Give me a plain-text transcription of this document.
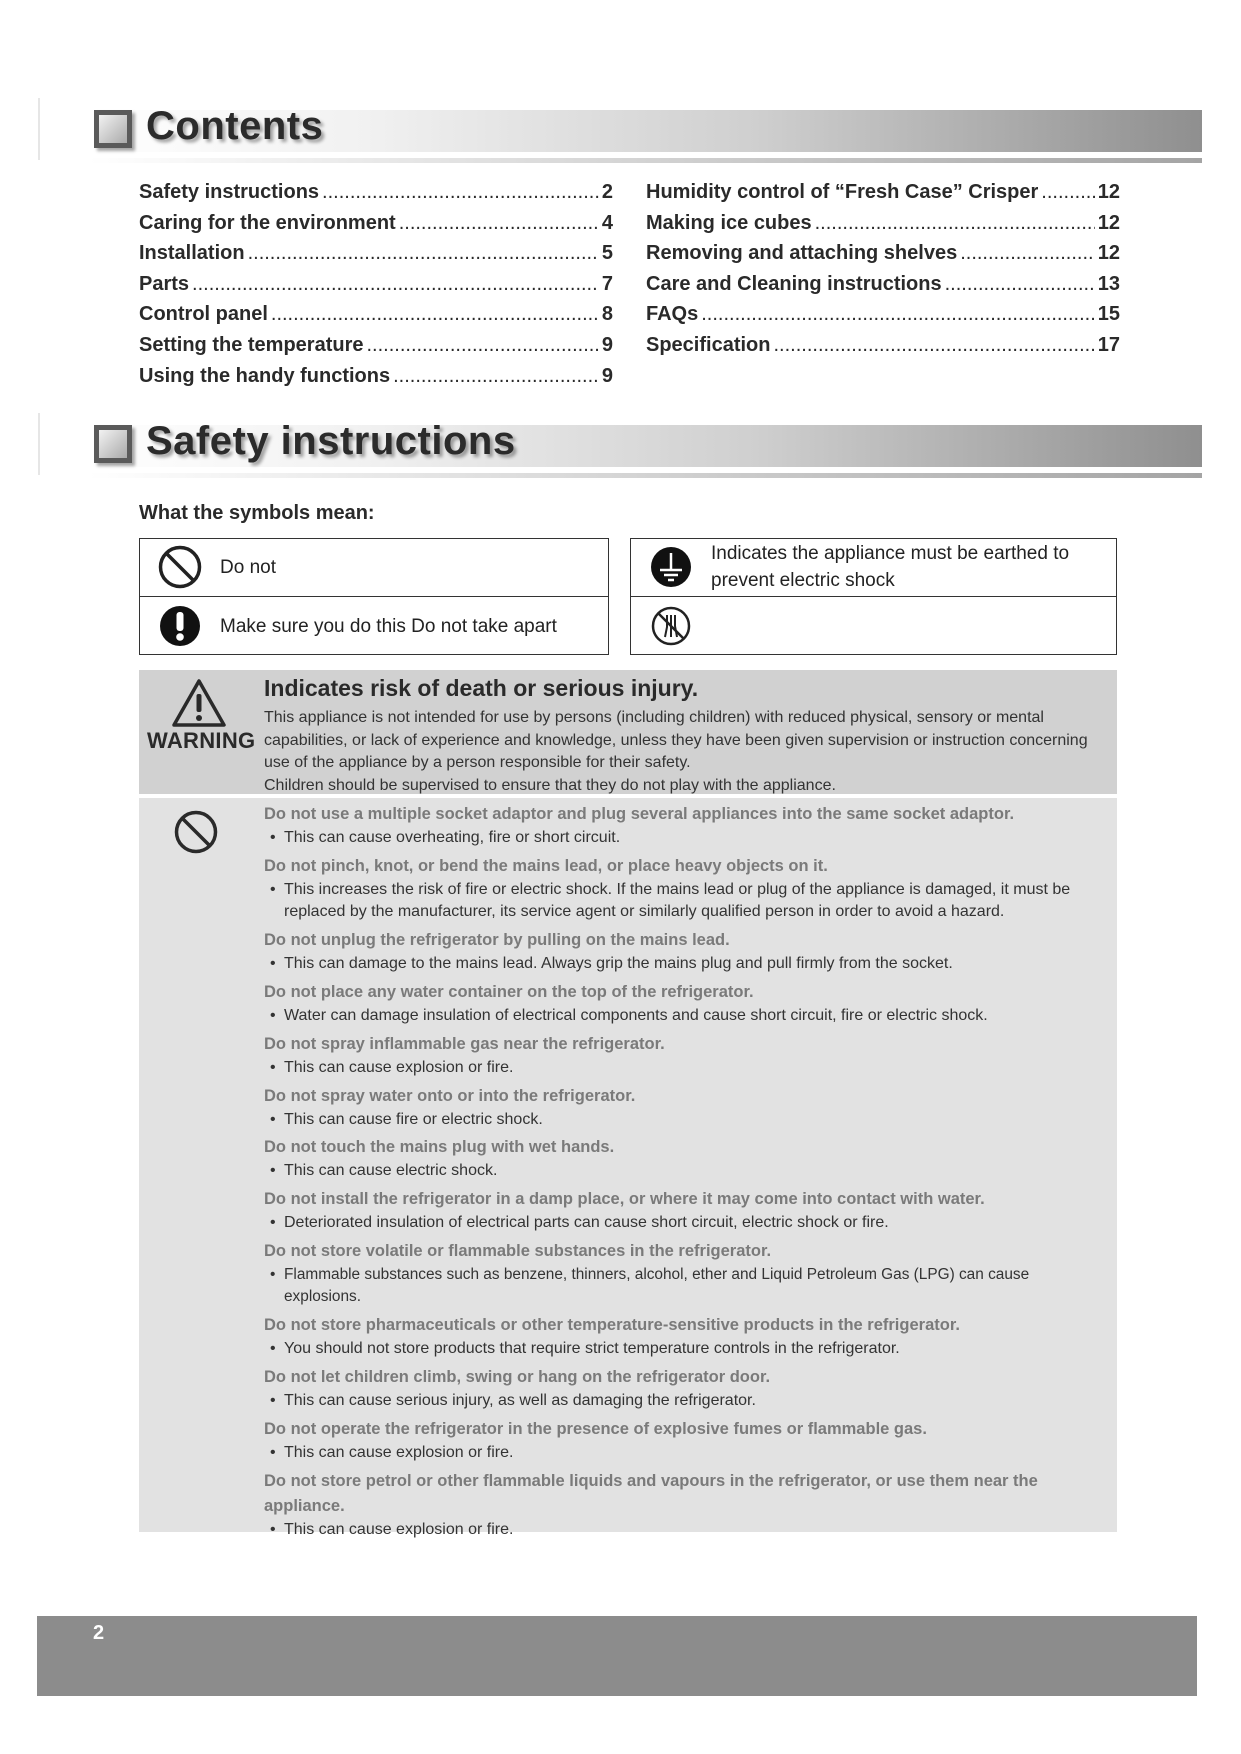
Contents
Safety instructions .....	2
Caring for the environment .....	4
Installation .....	5
Parts .....	7
Control panel .....	8
Setting the temperature .....	9
Using the handy functions .....	9
Humidity control of “Fresh Case” Crisper .....	12
Making ice cubes .....	12
Removing and attaching shelves .....	12
Care and Cleaning instructions .....	13
FAQs .....	15
Specification .....	17
Safety instructions
What the symbols mean:
Do not
Make sure you do this Do not take apart
Indicates the appliance must be earthed to
prevent electric shock
WARNING
Indicates risk of death or serious injury.

This appliance is not intended for use by persons (including children) with reduced physical, sensory or mental capabilities, or lack of experience and knowledge, unless they have been given supervision or instruction concerning use of the appliance by a person responsible for their safety.

Children should be supervised to ensure that they do not play with the appliance.

Do not use a multiple socket adaptor and plug several appliances into the same socket adaptor.
• This can cause overheating, fire or short circuit.
Do not pinch, knot, or bend the mains lead, or place heavy objects on it.
• This increases the risk of fire or electric shock. If the mains lead or plug of the appliance is damaged, it must be replaced by the manufacturer, its service agent or similarly qualified person in order to avoid a hazard.
Do not unplug the refrigerator by pulling on the mains lead.
• This can damage to the mains lead. Always grip the mains plug and pull firmly from the socket.
Do not place any water container on the top of the refrigerator.
• Water can damage insulation of electrical components and cause short circuit, fire or electric shock.
Do not spray inflammable gas near the refrigerator.
• This can cause explosion or fire.
Do not spray water onto or into the refrigerator.
• This can cause fire or electric shock.
Do not touch the mains plug with wet hands.
• This can cause electric shock.
Do not install the refrigerator in a damp place, or where it may come into contact with water.
• Deteriorated insulation of electrical parts can cause short circuit, electric shock or fire.
Do not store volatile or flammable substances in the refrigerator.
• Flammable substances such as benzene, thinners, alcohol, ether and Liquid Petroleum Gas (LPG) can cause explosions.
Do not store pharmaceuticals or other temperature-sensitive products in the refrigerator.
• You should not store products that require strict temperature controls in the refrigerator.
Do not let children climb, swing or hang on the refrigerator door.
• This can cause serious injury, as well as damaging the refrigerator.
Do not operate the refrigerator in the presence of explosive fumes or flammable gas.
• This can cause explosion or fire.
Do not store petrol or other flammable liquids and vapours in the refrigerator, or use them near the appliance.
• This can cause explosion or fire.
2
